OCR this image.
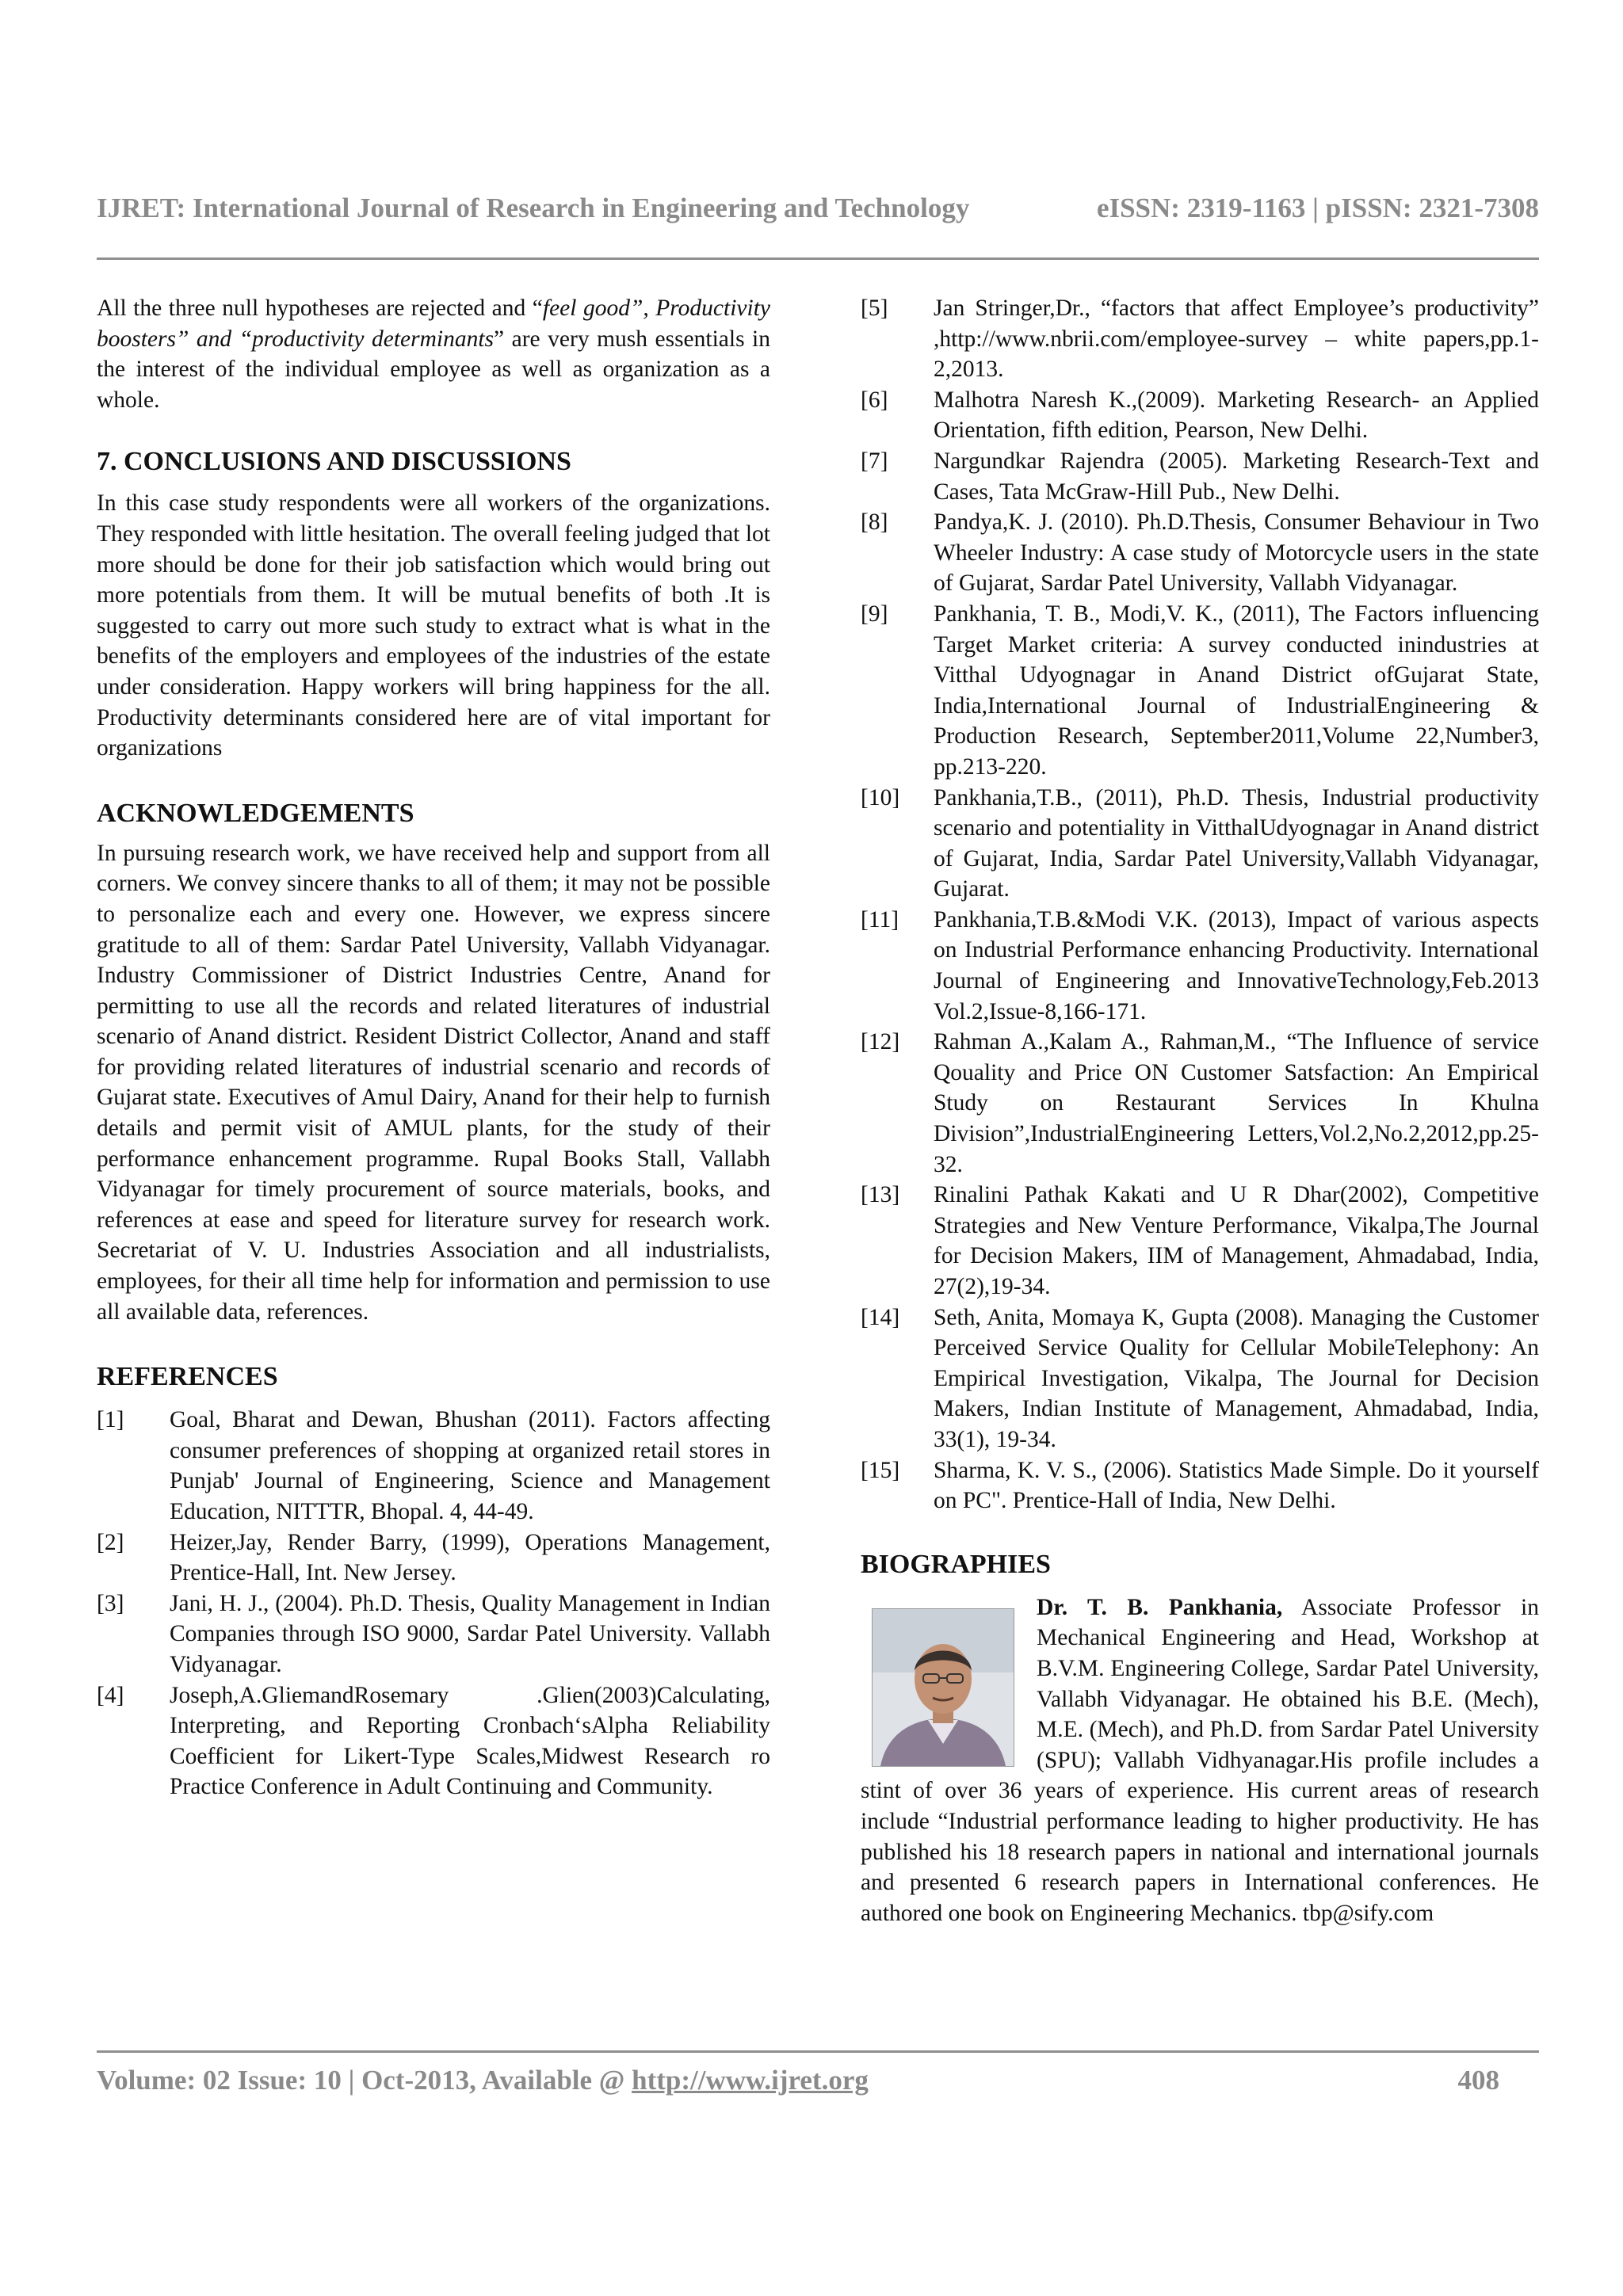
IJRET: International Journal of Research in Engineering and Technology	eISSN: 2319-1163 | pISSN: 2321-7308

All the three null hypotheses are rejected and “feel good”, Productivity boosters” and “productivity determinants” are very mush essentials in the interest of the individual employee as well as organization as a whole.

7. CONCLUSIONS AND DISCUSSIONS

In this case study respondents were all workers of the organizations. They responded with little hesitation. The overall feeling judged that lot more should be done for their job satisfaction which would bring out more potentials from them. It will be mutual benefits of both .It is suggested to carry out more such study to extract what is what in the benefits of the employers and employees of the industries of the estate under consideration. Happy workers will bring happiness for the all. Productivity determinants considered here are of vital important for organizations

ACKNOWLEDGEMENTS

In pursuing research work, we have received help and support from all corners. We convey sincere thanks to all of them; it may not be possible to personalize each and every one. However, we express sincere gratitude to all of them: Sardar Patel University, Vallabh Vidyanagar. Industry Commissioner of District Industries Centre, Anand for permitting to use all the records and related literatures of industrial scenario of Anand district. Resident District Collector, Anand and staff for providing related literatures of industrial scenario and records of Gujarat state. Executives of Amul Dairy, Anand for their help to furnish details and permit visit of AMUL plants, for the study of their performance enhancement programme. Rupal Books Stall, Vallabh Vidyanagar for timely procurement of source materials, books, and references at ease and speed for literature survey for research work. Secretariat of V. U. Industries Association and all industrialists, employees, for their all time help for information and permission to use all available data, references.

REFERENCES
[1]	Goal, Bharat and Dewan, Bhushan (2011). Factors affecting consumer preferences of shopping at organized retail stores in Punjab' Journal of Engineering, Science and Management Education, NITTTR, Bhopal. 4, 44-49.
[2]	Heizer,Jay, Render Barry, (1999), Operations Management, Prentice-Hall, Int. New Jersey.
[3]	Jani, H. J., (2004). Ph.D. Thesis, Quality Management in Indian Companies through ISO 9000, Sardar Patel University. Vallabh Vidyanagar.
[4]	Joseph,A.GliemandRosemary .Glien(2003)Calculating, Interpreting, and Reporting Cronbach‘sAlpha Reliability Coefficient for Likert-Type Scales,Midwest Research ro Practice Conference in Adult Continuing and Community.
[5]	Jan Stringer,Dr., “factors that affect Employee’s productivity” ,http://www.nbrii.com/employee-survey – white papers,pp.1-2,2013.
[6]	Malhotra Naresh K.,(2009). Marketing Research- an Applied Orientation, fifth edition, Pearson, New Delhi.
[7]	Nargundkar Rajendra (2005). Marketing Research-Text and Cases, Tata McGraw-Hill Pub., New Delhi.
[8]	Pandya,K. J. (2010). Ph.D.Thesis, Consumer Behaviour in Two Wheeler Industry: A case study of Motorcycle users in the state of Gujarat, Sardar Patel University, Vallabh Vidyanagar.
[9]	Pankhania, T. B., Modi,V. K., (2011), The Factors influencing Target Market criteria: A survey conducted inindustries at Vitthal Udyognagar in Anand District ofGujarat State, India,International Journal of IndustrialEngineering & Production Research, September2011,Volume 22,Number3, pp.213-220.
[10]	Pankhania,T.B., (2011), Ph.D. Thesis, Industrial productivity scenario and potentiality in VitthalUdyognagar in Anand district of Gujarat, India, Sardar Patel University,Vallabh Vidyanagar, Gujarat.
[11]	Pankhania,T.B.&Modi V.K. (2013), Impact of various aspects on Industrial Performance enhancing Productivity. International Journal of Engineering and InnovativeTechnology,Feb.2013 Vol.2,Issue-8,166-171.
[12]	Rahman A.,Kalam A., Rahman,M., “The Influence of service Qouality and Price ON Customer Satsfaction: An Empirical Study on Restaurant Services In Khulna Division”,IndustrialEngineering Letters,Vol.2,No.2,2012,pp.25-32.
[13]	Rinalini Pathak Kakati and U R Dhar(2002), Competitive Strategies and New Venture Performance, Vikalpa,The Journal for Decision Makers, IIM of Management, Ahmadabad, India, 27(2),19-34.
[14]	Seth, Anita, Momaya K, Gupta (2008). Managing the Customer Perceived Service Quality for Cellular MobileTelephony: An Empirical Investigation, Vikalpa, The Journal for Decision Makers, Indian Institute of Management, Ahmadabad, India, 33(1), 19-34.
[15]	Sharma, K. V. S., (2006). Statistics Made Simple. Do it yourself on PC". Prentice-Hall of India, New Delhi.
BIOGRAPHIES

Dr. T. B. Pankhania, Associate Professor in Mechanical Engineering and Head, Workshop at B.V.M. Engineering College, Sardar Patel University, Vallabh Vidyanagar. He obtained his B.E. (Mech), M.E. (Mech), and Ph.D. from Sardar Patel University (SPU); Vallabh Vidhyanagar.His profile includes a stint of over 36 years of experience. His current areas of research include “Industrial performance leading to higher productivity. He has published his 18 research papers in national and international journals and presented 6 research papers in International conferences. He authored one book on Engineering Mechanics. tbp@sify.com

Volume: 02 Issue: 10 | Oct-2013, Available @ http://www.ijret.org	408
